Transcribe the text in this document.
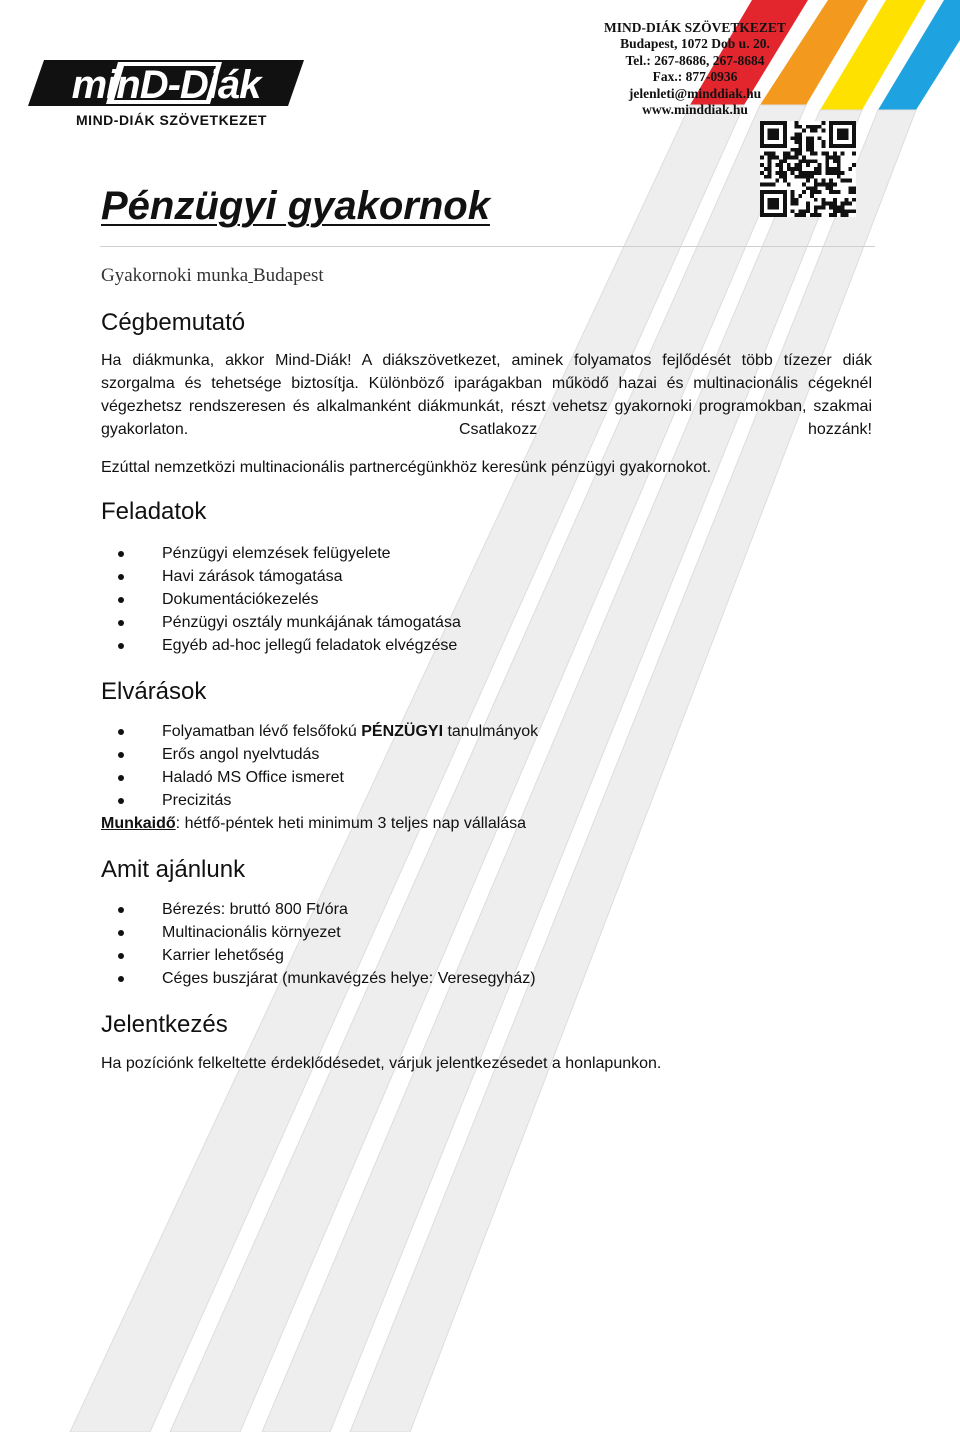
minD-Diák
MIND-DIÁK SZÖVETKEZET
MIND-DIÁK SZÖVETKEZET
Budapest, 1072 Dob u. 20.
Tel.: 267-8686, 267-8684
Fax.: 877-0936
jelenleti@minddiak.hu
www.minddiak.hu
Pénzügyi gyakornok
Gyakornoki munka Budapest
Cégbemutató

Ha diákmunka, akkor Mind-Diák! A diákszövetkezet, aminek folyamatos fejlődését több tízezer diák szorgalma és tehetsége biztosítja. Különböző iparágakban működő hazai és multinacionális cégeknél végezhetsz rendszeresen és alkalmanként diákmunkát, részt vehetsz gyakornoki programokban, szakmai gyakorlaton. Csatlakozz hozzánk!

Ezúttal nemzetközi multinacionális partnercégünkhöz keresünk pénzügyi gyakornokot.

Feladatok
Pénzügyi elemzések felügyelete
Havi zárások támogatása
Dokumentációkezelés
Pénzügyi osztály munkájának támogatása
Egyéb ad-hoc jellegű feladatok elvégzése
Elvárások
Folyamatban lévő felsőfokú PÉNZÜGYI tanulmányok
Erős angol nyelvtudás
Haladó MS Office ismeret
Precizitás

Munkaidő: hétfő-péntek heti minimum 3 teljes nap vállalása

Amit ajánlunk
Bérezés: bruttó 800 Ft/óra
Multinacionális környezet
Karrier lehetőség
Céges buszjárat (munkavégzés helye: Veresegyház)
Jelentkezés

Ha pozíciónk felkeltette érdeklődésedet, várjuk jelentkezésedet a honlapunkon.
